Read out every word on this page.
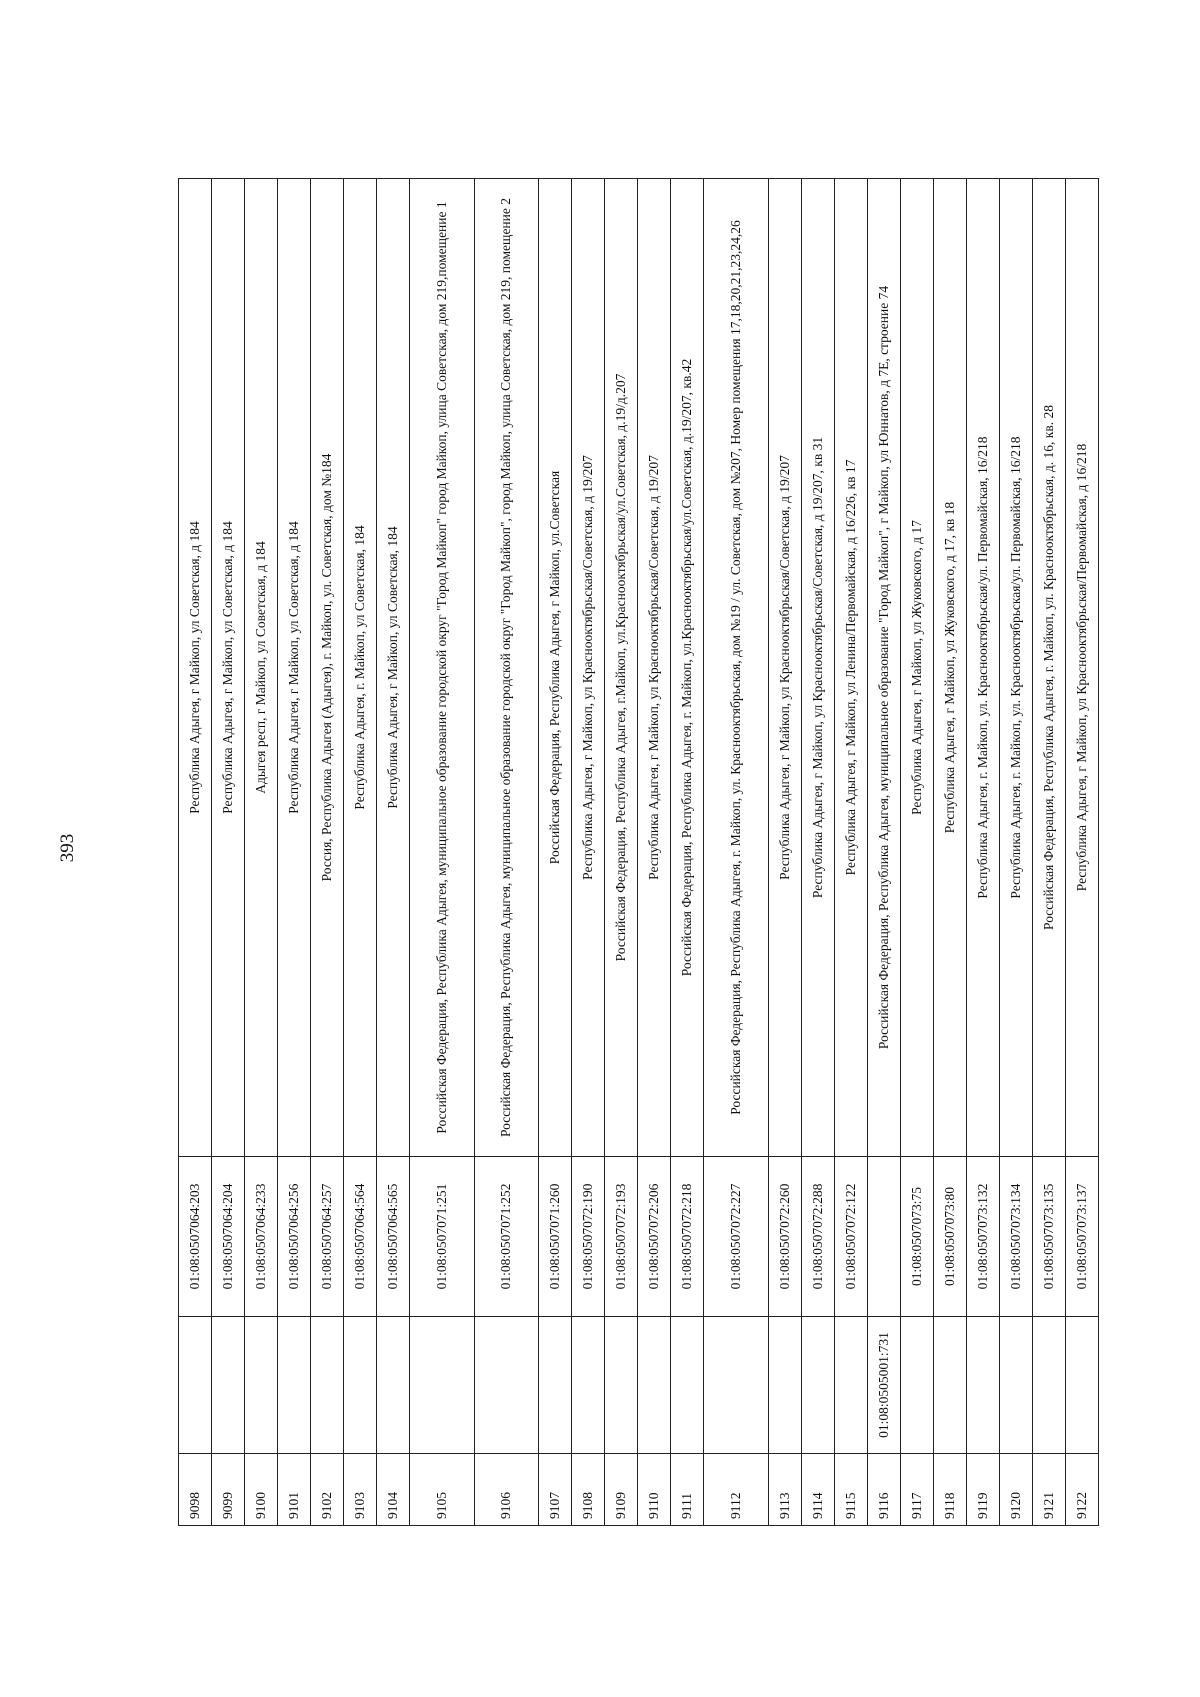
393
9098		01:08:0507064:203	Республика Адыгея, г Майкоп, ул Советская, д 184
9099		01:08:0507064:204	Республика Адыгея, г Майкоп, ул Советская, д 184
9100		01:08:0507064:233	Адыгея респ, г Майкоп, ул Советская, д 184
9101		01:08:0507064:256	Республика Адыгея, г Майкоп, ул Советская, д 184
9102		01:08:0507064:257	Россия, Республика Адыгея (Адыгея), г. Майкоп, ул. Советская, дом №184
9103		01:08:0507064:564	Республика Адыгея, г. Майкоп, ул Советская, 184
9104		01:08:0507064:565	Республика Адыгея, г Майкоп, ул Советская, 184
9105		01:08:0507071:251	Российская Федерация, Республика Адыгея, муниципальное образование городской округ "Город Майкоп" город Майкоп, улица Советская, дом 219,помещение 1
9106		01:08:0507071:252	Российская Федерация, Республика Адыгея, муниципальное образование городской округ "Город Майкоп", город Майкоп, улица Советская, дом 219, помещение 2
9107		01:08:0507071:260	Российская Федерация, Республика Адыгея, г Майкоп, ул.Советская
9108		01:08:0507072:190	Республика Адыгея, г Майкоп, ул Краснооктябрьская/Советская, д 19/207
9109		01:08:0507072:193	Российская Федерация, Республика Адыгея, г.Майкоп, ул.Краснооктябрьская/ул.Советская, д.19/д.207
9110		01:08:0507072:206	Республика Адыгея, г Майкоп, ул Краснооктябрьская/Советская, д 19/207
9111		01:08:0507072:218	Российская Федерация, Республика Адыгея, г. Майкоп, ул.Краснооктябрьская/ул.Советская, д.19/207, кв.42
9112		01:08:0507072:227	Российская Федерация, Республика Адыгея, г. Майкоп, ул. Краснооктябрьская, дом №19 / ул. Советская, дом №207, Номер помещения 17,18,20,21,23,24,26
9113		01:08:0507072:260	Республика Адыгея, г Майкоп, ул Краснооктябрьская/Советская, д 19/207
9114		01:08:0507072:288	Республика Адыгея, г Майкоп, ул Краснооктябрьская/Советская, д 19/207, кв 31
9115		01:08:0507072:122	Республика Адыгея, г Майкоп, ул Ленина/Первомайская, д 16/226, кв 17
9116	01:08:0505001:731		Российская Федерация, Республика Адыгея, муниципальное образование "Город Майкоп", г Майкоп, ул Юннатов, д 7Е, строение 74
9117		01:08:0507073:75	Республика Адыгея, г Майкоп, ул Жуковского, д 17
9118		01:08:0507073:80	Республика Адыгея, г Майкоп, ул Жуковского, д 17, кв 18
9119		01:08:0507073:132	Республика Адыгея, г. Майкоп, ул. Краснооктябрьская/ул. Первомайская, 16/218
9120		01:08:0507073:134	Республика Адыгея, г. Майкоп, ул. Краснооктябрьская/ул. Первомайская, 16/218
9121		01:08:0507073:135	Российская Федерация, Республика Адыгея, г. Майкоп, ул. Краснооктябрьская, д. 16, кв. 28
9122		01:08:0507073:137	Республика Адыгея, г Майкоп, ул Краснооктябрьская/Первомайская, д 16/218
